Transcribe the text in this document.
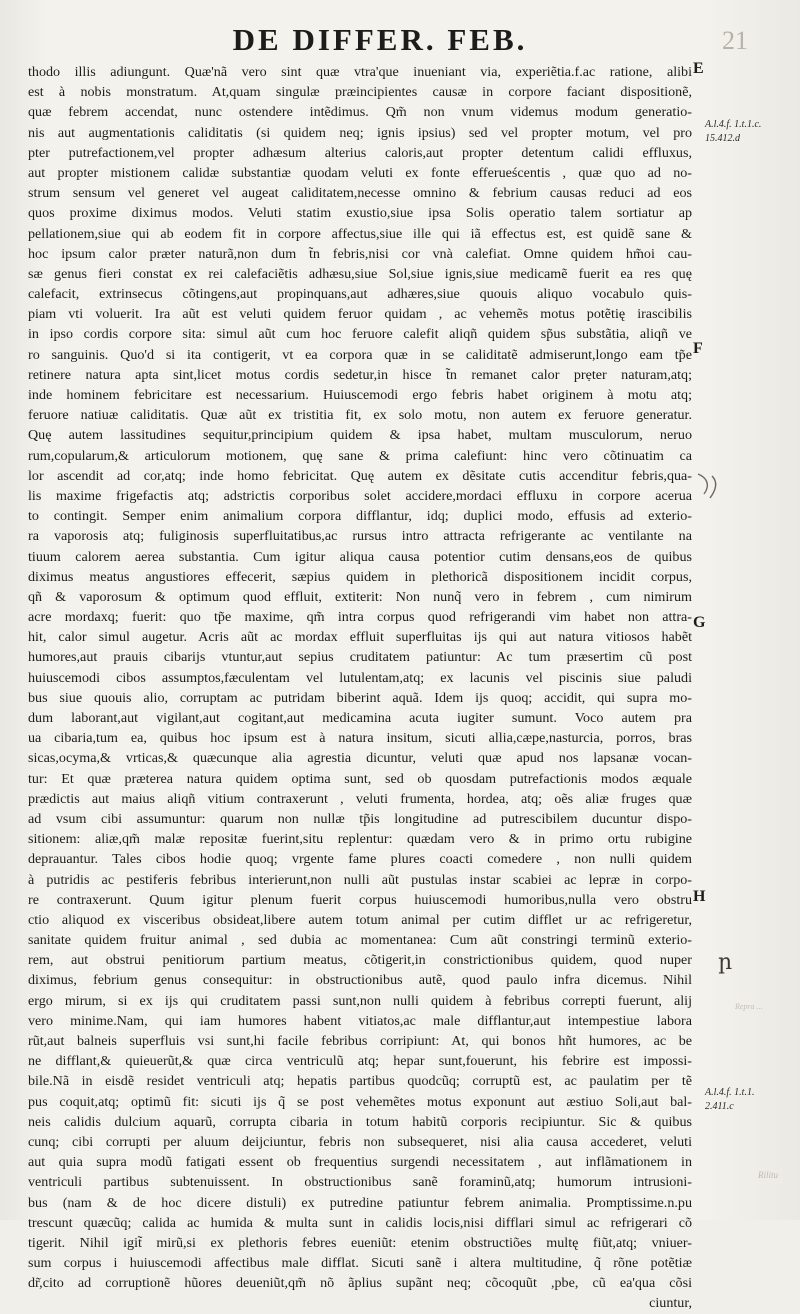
DE DIFFER. FEB.	21
thodo illis adiungunt. Quæ'nã vero sint quæ vtra'que inueniant via, experiẽtia.f.ac ratione, alibi
est à nobis monstratum. At,quam singulæ præincipientes causæ in corpore faciant dispositionẽ,
quæ febrem accendat, nunc ostendere intẽdimus. Qm̃ non vnum videmus modum generatio-
nis aut augmentationis caliditatis (si quidem neq; ignis ipsius) sed vel propter motum, vel pro
pter putrefactionem,vel propter adhæsum alterius caloris,aut propter detentum calidi effluxus,
aut propter mistionem calidæ substantiæ quodam veluti ex fonte efferueścentis , quæ quo ad no-
strum sensum vel generet vel augeat caliditatem,necesse omnino & febrium causas reduci ad eos
quos proxime diximus modos. Veluti statim exustio,siue ipsa Solis operatio talem sortiatur ap
pellationem,siue qui ab eodem fit in corpore affectus,siue ille qui iã effectus est, est quidẽ sane &
hoc ipsum calor præter naturã,non dum t̃n febris,nisi cor vnà calefiat. Omne quidem hm̃oi cau-
sæ genus fieri constat ex rei calefaciẽtis adhæsu,siue Sol,siue ignis,siue medicamẽ fuerit ea res quę
calefacit, extrinsecus cõtingens,aut propinquans,aut adhæres,siue quouis aliquo vocabulo quis-
piam vti voluerit. Ira aũt est veluti quidem feruor quidam , ac vehemẽs motus potẽtię irascibilis
in ipso cordis corpore sita: simul aũt cum hoc feruore calefit aliqñ quidem sp̃us substãtia, aliqñ ve
ro sanguinis. Quo'd si ita contigerit, vt ea corpora quæ in se caliditatẽ admiserunt,longo eam tp̃e
retinere natura apta sint,licet motus cordis sedetur,in hisce t̃n remanet calor prẹter naturam,atq;
inde hominem febricitare est necessarium. Huiuscemodi ergo febris habet originem à motu atq;
feruore natiuæ caliditatis. Quæ aũt ex tristitia fit, ex solo motu, non autem ex feruore generatur.
Quę autem lassitudines sequitur,principium quidem & ipsa habet, multam musculorum, neruo
rum,copularum,& articulorum motionem, quę sane & prima calefiunt: hinc vero cõtinuatim ca
lor ascendit ad cor,atq; inde homo febricitat. Quę autem ex dẽsitate cutis accenditur febris,qua-
lis maxime frigefactis atq; adstrictis corporibus solet accidere,mordaci effluxu in corpore acerua
to contingit. Semper enim animalium corpora difflantur, idq; duplici modo, effusis ad exterio-
ra vaporosis atq; fuliginosis superfluitatibus,ac rursus intro attracta refrigerante ac ventilante na
tiuum calorem aerea substantia. Cum igitur aliqua causa potentior cutim densans,eos de quibus
diximus meatus angustiores effecerit, sæpius quidem in plethoricã dispositionem incidit corpus,
qñ & vaporosum & optimum quod effluit, extiterit: Non nunq̃ vero in febrem , cum nimirum
acre mordaxq; fuerit: quo tp̃e maxime, qm̃ intra corpus quod refrigerandi vim habet non attra-
hit, calor simul augetur. Acris aũt ac mordax effluit superfluitas ijs qui aut natura vitiosos habẽt
humores,aut prauis cibarijs vtuntur,aut sepius cruditatem patiuntur: Ac tum præsertim cũ post
huiuscemodi cibos assumptos,fæculentam vel lutulentam,atq; ex lacunis vel piscinis siue paludi
bus siue quouis alio, corruptam ac putridam biberint aquã. Idem ijs quoq; accidit, qui supra mo-
dum laborant,aut vigilant,aut cogitant,aut medicamina acuta iugiter sumunt. Voco autem pra
ua cibaria,tum ea, quibus hoc ipsum est à natura insitum, sicuti allia,cæpe,nasturcia, porros, bras
sicas,ocyma,& vrticas,& quæcunque alia agrestia dicuntur, veluti quæ apud nos lapsanæ vocan-
tur: Et quæ præterea natura quidem optima sunt, sed ob quosdam putrefactionis modos æquale
prædictis aut maius aliqñ vitium contraxerunt , veluti frumenta, hordea, atq; oẽs aliæ fruges quæ
ad vsum cibi assumuntur: quarum non nullæ tp̃is longitudine ad putrescibilem ducuntur dispo-
sitionem: aliæ,qm̃ malæ repositæ fuerint,situ replentur: quædam vero & in primo ortu rubigine
deprauantur. Tales cibos hodie quoq; vrgente fame plures coacti comedere , non nulli quidem
à putridis ac pestiferis febribus interierunt,non nulli aũt pustulas instar scabiei ac lepræ in corpo-
re contraxerunt. Quum igitur plenum fuerit corpus huiuscemodi humoribus,nulla vero obstru
ctio aliquod ex visceribus obsideat,libere autem totum animal per cutim difflet ur ac refrigeretur,
sanitate quidem fruitur animal , sed dubia ac momentanea: Cum aũt constringi terminũ exterio-
rem, aut obstrui penitiorum partium meatus, cõtigerit,in constrictionibus quidem, quod nuper
diximus, febrium genus consequitur: in obstructionibus autẽ, quod paulo infra dicemus. Nihil
ergo mirum, si ex ijs qui cruditatem passi sunt,non nulli quidem à febribus correpti fuerunt, alij
vero minime.Nam, qui iam humores habent vitiatos,ac male difflantur,aut intempestiue labora
rũt,aut balneis superfluis vsi sunt,hi facile febribus corripiunt: At, qui bonos hñt humores, ac be
ne difflant,& quieuerũt,& quæ circa ventriculũ atq; hepar sunt,fouerunt, his febrire est impossi-
bile.Nã in eisdẽ residet ventriculi atq; hepatis partibus quodcũq; corruptũ est, ac paulatim per tẽ
pus coquit,atq; optimũ fit: sicuti ijs q̃ se post vehemẽtes motus exponunt aut æstiuo Soli,aut bal-
neis calidis dulcium aquarũ, corrupta cibaria in totum habitũ corporis recipiuntur. Sic & quibus
cunq; cibi corrupti per aluum deijciuntur, febris non subsequeret, nisi alia causa accederet, veluti
aut quia supra modũ fatigati essent ob frequentius surgendi necessitatem , aut inflãmationem in
ventriculi partibus subtenuissent. In obstructionibus sanẽ foraminũ,atq; humorum intrusioni-
bus (nam & de hoc dicere distuli) ex putredine patiuntur febrem animalia. Promptissime.n.pu
trescunt quæcũq; calida ac humida & multa sunt in calidis locis,nisi difflari simul ac refrigerari cõ
tigerit. Nihil igit̃ mirũ,si ex plethoris febres eueniũt: etenim obstructiões multę fiũt,atq; vniuer-
sum corpus i huiuscemodi affectibus male difflat. Sicuti sanẽ i altera multitudine, q̃ rõne potẽtiæ
dr̃,cito ad corruptionẽ hũores deueniũt,qm̃ nõ ãplius supãnt neq; cõcoquũt ,pbe, cũ ea'qua cõsi
ciuntur,
E
F
G
H
A.l.4.f. 1.t.1.c.
15.412.d
A.l.4.f. 1.t.1.
2.411.c
ր
Repra ...
Rilitu
